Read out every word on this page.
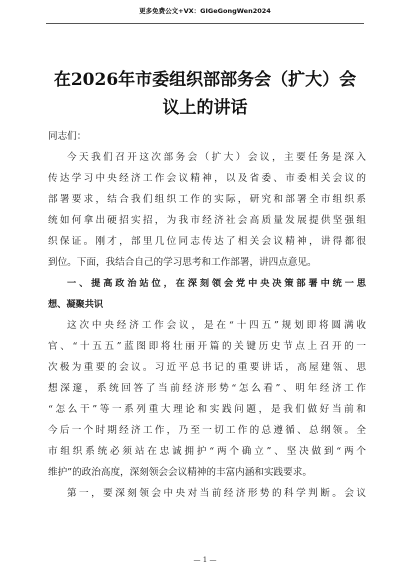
更多免费公文+VX：GIGeGongWen2024
在2026年市委组织部部务会（扩大）会
议上的讲话
同志们：
今天我们召开这次部务会（扩大）会议，主要任务是深入
传达学习中央经济工作会议精神，以及省委、市委相关会议的
部署要求，结合我们组织工作的实际，研究和部署全市组织系
统如何拿出硬招实招，为我市经济社会高质量发展提供坚强组
织保证。刚才，部里几位同志传达了相关会议精神，讲得都很
到位。下面，我结合自己的学习思考和工作部署，讲四点意见。
一、提高政治站位，在深刻领会党中央决策部署中统一思
想、凝聚共识
这次中央经济工作会议，是在“十四五”规划即将圆满收
官、“十五五”蓝图即将壮丽开篇的关键历史节点上召开的一
次极为重要的会议。习近平总书记的重要讲话，高屋建瓴、思
想深邃，系统回答了当前经济形势“怎么看”、明年经济工作
“怎么干”等一系列重大理论和实践问题，是我们做好当前和
今后一个时期经济工作，乃至一切工作的总遵循、总纲领。全
市组织系统必须站在忠诚拥护“两个确立”、坚决做到“两个
维护”的政治高度，深刻领会会议精神的丰富内涵和实践要求。
第一，要深刻领会中央对当前经济形势的科学判断。会议
— 1 —
